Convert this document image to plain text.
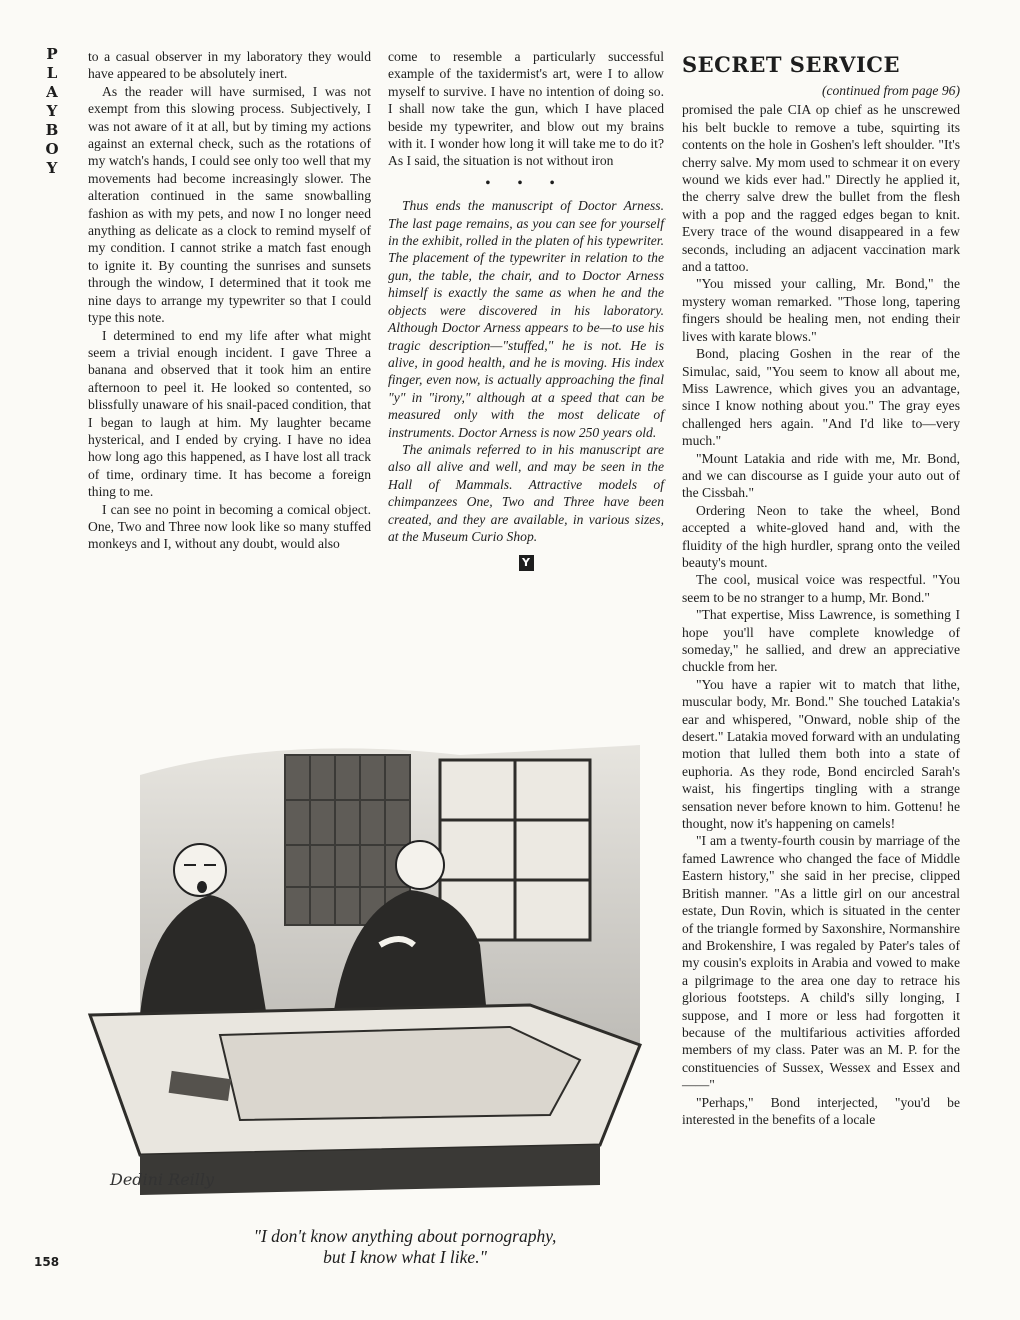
P
L
A
Y
B
O
Y

to a casual observer in my laboratory they would have appeared to be absolutely inert.

As the reader will have surmised, I was not exempt from this slowing process. Subjectively, I was not aware of it at all, but by timing my actions against an external check, such as the rotations of my watch's hands, I could see only too well that my movements had become increasingly slower. The alteration continued in the same snowballing fashion as with my pets, and now I no longer need anything as delicate as a clock to remind myself of my condition. I cannot strike a match fast enough to ignite it. By counting the sunrises and sunsets through the window, I determined that it took me nine days to arrange my typewriter so that I could type this note.

I determined to end my life after what might seem a trivial enough incident. I gave Three a banana and observed that it took him an entire afternoon to peel it. He looked so contented, so blissfully unaware of his snail-paced condition, that I began to laugh at him. My laughter became hysterical, and I ended by crying. I have no idea how long ago this happened, as I have lost all track of time, ordinary time. It has become a foreign thing to me.

I can see no point in becoming a comical object. One, Two and Three now look like so many stuffed monkeys and I, without any doubt, would also

come to resemble a particularly successful example of the taxidermist's art, were I to allow myself to survive. I have no intention of doing so. I shall now take the gun, which I have placed beside my typewriter, and blow out my brains with it. I wonder how long it will take me to do it? As I said, the situation is not without iron

• • •

Thus ends the manuscript of Doctor Arness. The last page remains, as you can see for yourself in the exhibit, rolled in the platen of his typewriter. The placement of the typewriter in relation to the gun, the table, the chair, and to Doctor Arness himself is exactly the same as when he and the objects were discovered in his laboratory. Although Doctor Arness appears to be—to use his tragic description—"stuffed," he is not. He is alive, in good health, and he is moving. His index finger, even now, is actually approaching the final "y" in "irony," although at a speed that can be measured only with the most delicate of instruments. Doctor Arness is now 250 years old.

The animals referred to in his manuscript are also all alive and well, and may be seen in the Hall of Mammals. Attractive models of chimpanzees One, Two and Three have been created, and they are available, in various sizes, at the Museum Curio Shop.

Y
SECRET SERVICE
(continued from page 96)

promised the pale CIA op chief as he unscrewed his belt buckle to remove a tube, squirting its contents on the hole in Goshen's left shoulder. "It's cherry salve. My mom used to schmear it on every wound we kids ever had." Directly he applied it, the cherry salve drew the bullet from the flesh with a pop and the ragged edges began to knit. Every trace of the wound disappeared in a few seconds, including an adjacent vaccination mark and a tattoo.

"You missed your calling, Mr. Bond," the mystery woman remarked. "Those long, tapering fingers should be healing men, not ending their lives with karate blows."

Bond, placing Goshen in the rear of the Simulac, said, "You seem to know all about me, Miss Lawrence, which gives you an advantage, since I know nothing about you." The gray eyes challenged hers again. "And I'd like to—very much."

"Mount Latakia and ride with me, Mr. Bond, and we can discourse as I guide your auto out of the Cissbah."

Ordering Neon to take the wheel, Bond accepted a white-gloved hand and, with the fluidity of the high hurdler, sprang onto the veiled beauty's mount.

The cool, musical voice was respectful. "You seem to be no stranger to a hump, Mr. Bond."

"That expertise, Miss Lawrence, is something I hope you'll have complete knowledge of someday," he sallied, and drew an appreciative chuckle from her.

"You have a rapier wit to match that lithe, muscular body, Mr. Bond." She touched Latakia's ear and whispered, "Onward, noble ship of the desert." Latakia moved forward with an undulating motion that lulled them both into a state of euphoria. As they rode, Bond encircled Sarah's waist, his fingertips tingling with a strange sensation never before known to him. Gottenu! he thought, now it's happening on camels!

"I am a twenty-fourth cousin by marriage of the famed Lawrence who changed the face of Middle Eastern history," she said in her precise, clipped British manner. "As a little girl on our ancestral estate, Dun Rovin, which is situated in the center of the triangle formed by Saxonshire, Normanshire and Brokenshire, I was regaled by Pater's tales of my cousin's exploits in Arabia and vowed to make a pilgrimage to the area one day to retrace his glorious footsteps. A child's silly longing, I suppose, and I more or less had forgotten it because of the multifarious activities afforded members of my class. Pater was an M. P. for the constituencies of Sussex, Wessex and Essex and——"

"Perhaps," Bond interjected, "you'd be interested in the benefits of a locale

Dedini Reilly
"I don't know anything about pornography,
but I know what I like."
158
